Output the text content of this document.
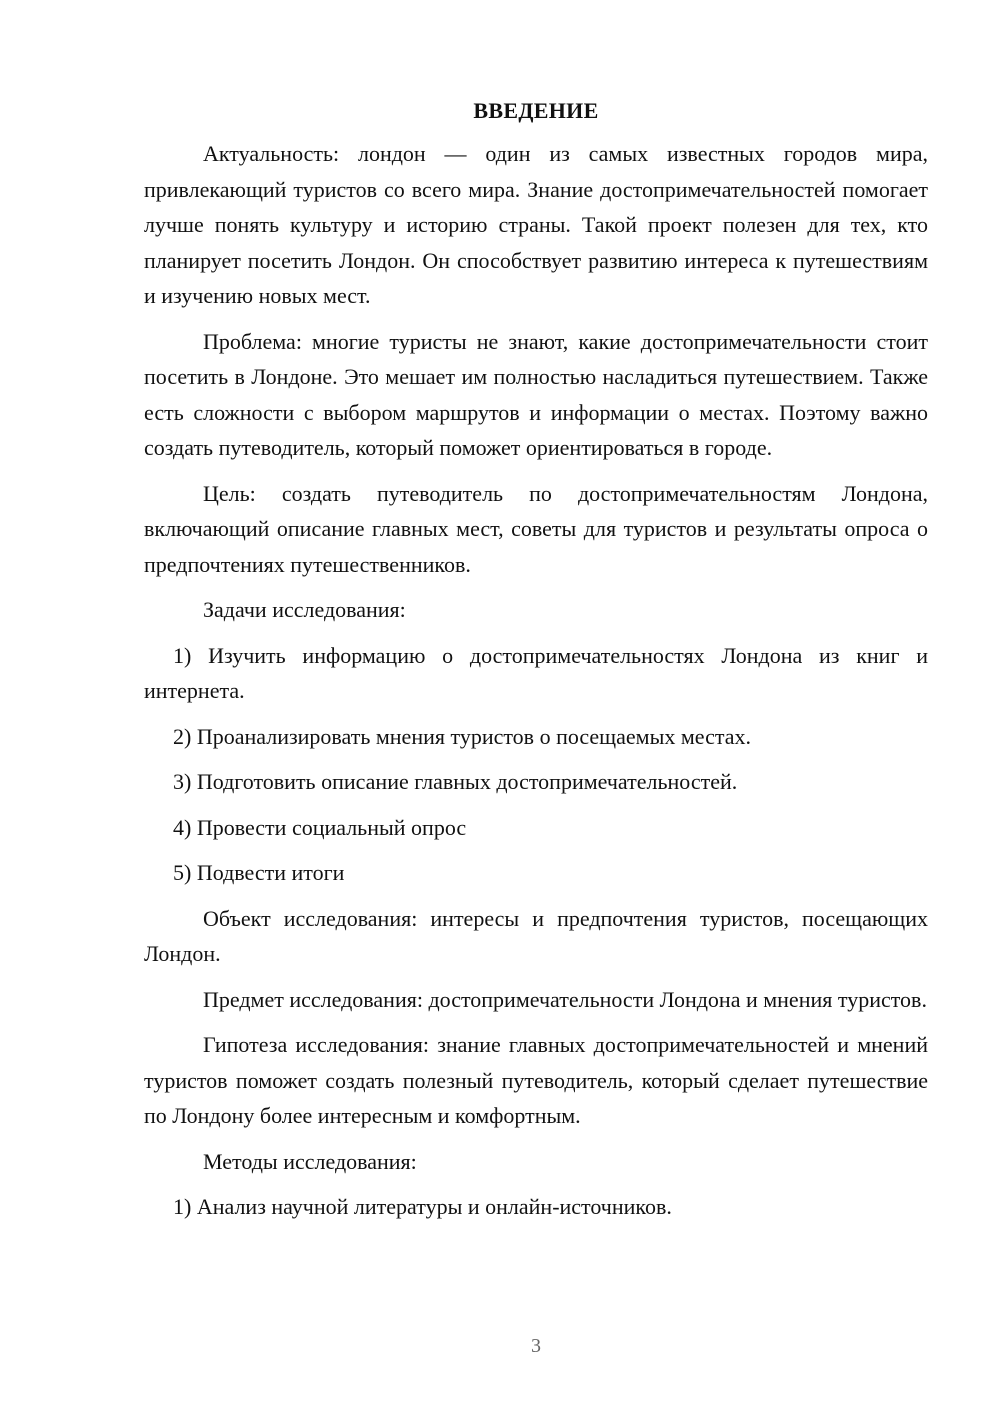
ВВЕДЕНИЕ

Актуальность: лондон — один из самых известных городов мира, привлекающий туристов со всего мира. Знание достопримечательностей помогает лучше понять культуру и историю страны. Такой проект полезен для тех, кто планирует посетить Лондон. Он способствует развитию интереса к путешествиям и изучению новых мест.

Проблема: многие туристы не знают, какие достопримечательности стоит посетить в Лондоне. Это мешает им полностью насладиться путешествием. Также есть сложности с выбором маршрутов и информации о местах. Поэтому важно создать путеводитель, который поможет ориентироваться в городе.

Цель: создать путеводитель по достопримечательностям Лондона, включающий описание главных мест, советы для туристов и результаты опроса о предпочтениях путешественников.

Задачи исследования:

1) Изучить информацию о достопримечательностях Лондона из книг и интернета.

2) Проанализировать мнения туристов о посещаемых местах.

3) Подготовить описание главных достопримечательностей.

4) Провести социальный опрос

5) Подвести итоги

Объект исследования: интересы и предпочтения туристов, посещающих Лондон.

Предмет исследования: достопримечательности Лондона и мнения туристов.

Гипотеза исследования: знание главных достопримечательностей и мнений туристов поможет создать полезный путеводитель, который сделает путешествие по Лондону более интересным и комфортным.

Методы исследования:

1) Анализ научной литературы и онлайн-источников.

3
